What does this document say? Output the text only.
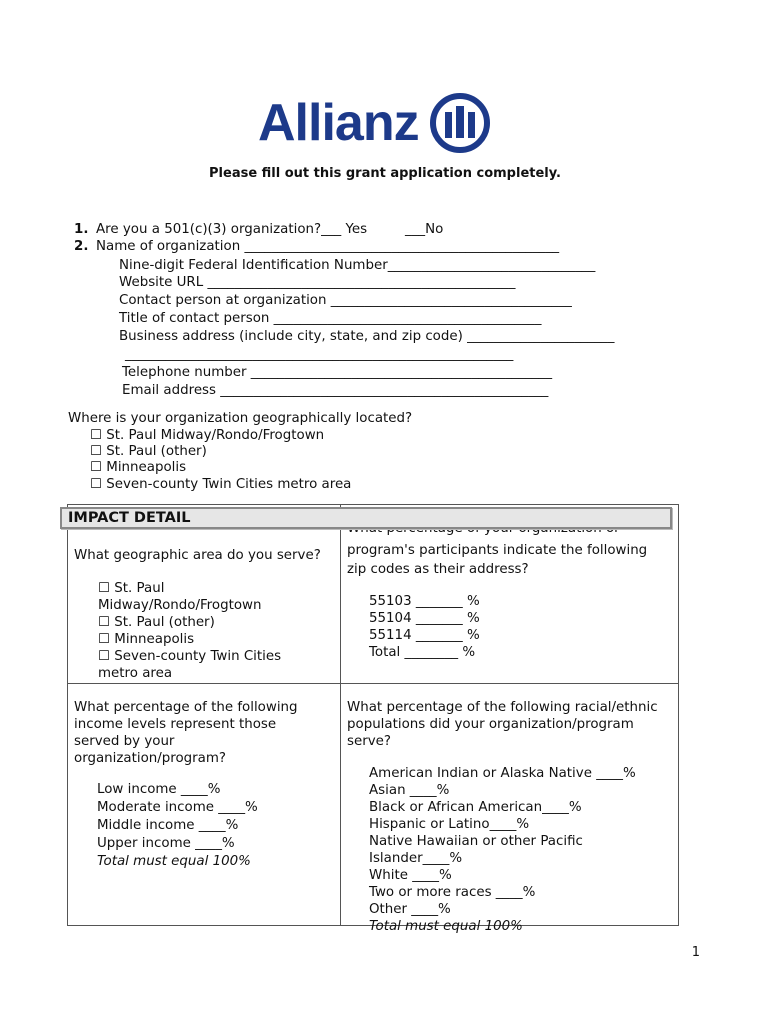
Allianz
Please fill out this grant application completely.
1. Are you a 501(c)(3) organization?___ Yes	___No
2. Name of organization _______________________________________________
Nine-digit Federal Identification Number_______________________________
Website URL ______________________________________________
Contact person at organization ____________________________________
Title of contact person ________________________________________
Business address (include city, state, and zip code) ______________________
__________________________________________________________
Telephone number _____________________________________________
Email address _________________________________________________
Where is your organization geographically located?
☐ St. Paul Midway/Rondo/Frogtown
☐ St. Paul (other)
☐ Minneapolis
☐ Seven-county Twin Cities metro area
What geographic area do you serve?
☐ St. Paul Midway/Rondo/Frogtown
☐ St. Paul (other)
☐ Minneapolis
☐ Seven-county Twin Cities metro area
program's participants indicate the following zip codes as their address?
55103 _______ %
55104 _______ %
55114 _______ %
Total ________ %
What percentage of the following income levels represent those served by your organization/program?
Low income ____%
Moderate income ____%
Middle income ____%
Upper income ____%
Total must equal 100%
What percentage of the following racial/ethnic populations did your organization/program serve?
American Indian or Alaska Native ____%
Asian ____%
Black or African American____%
Hispanic or Latino____%
Native Hawaiian or other Pacific Islander____%
White ____%
Two or more races ____%
Other ____%
Total must equal 100%
IMPACT DETAIL
1
